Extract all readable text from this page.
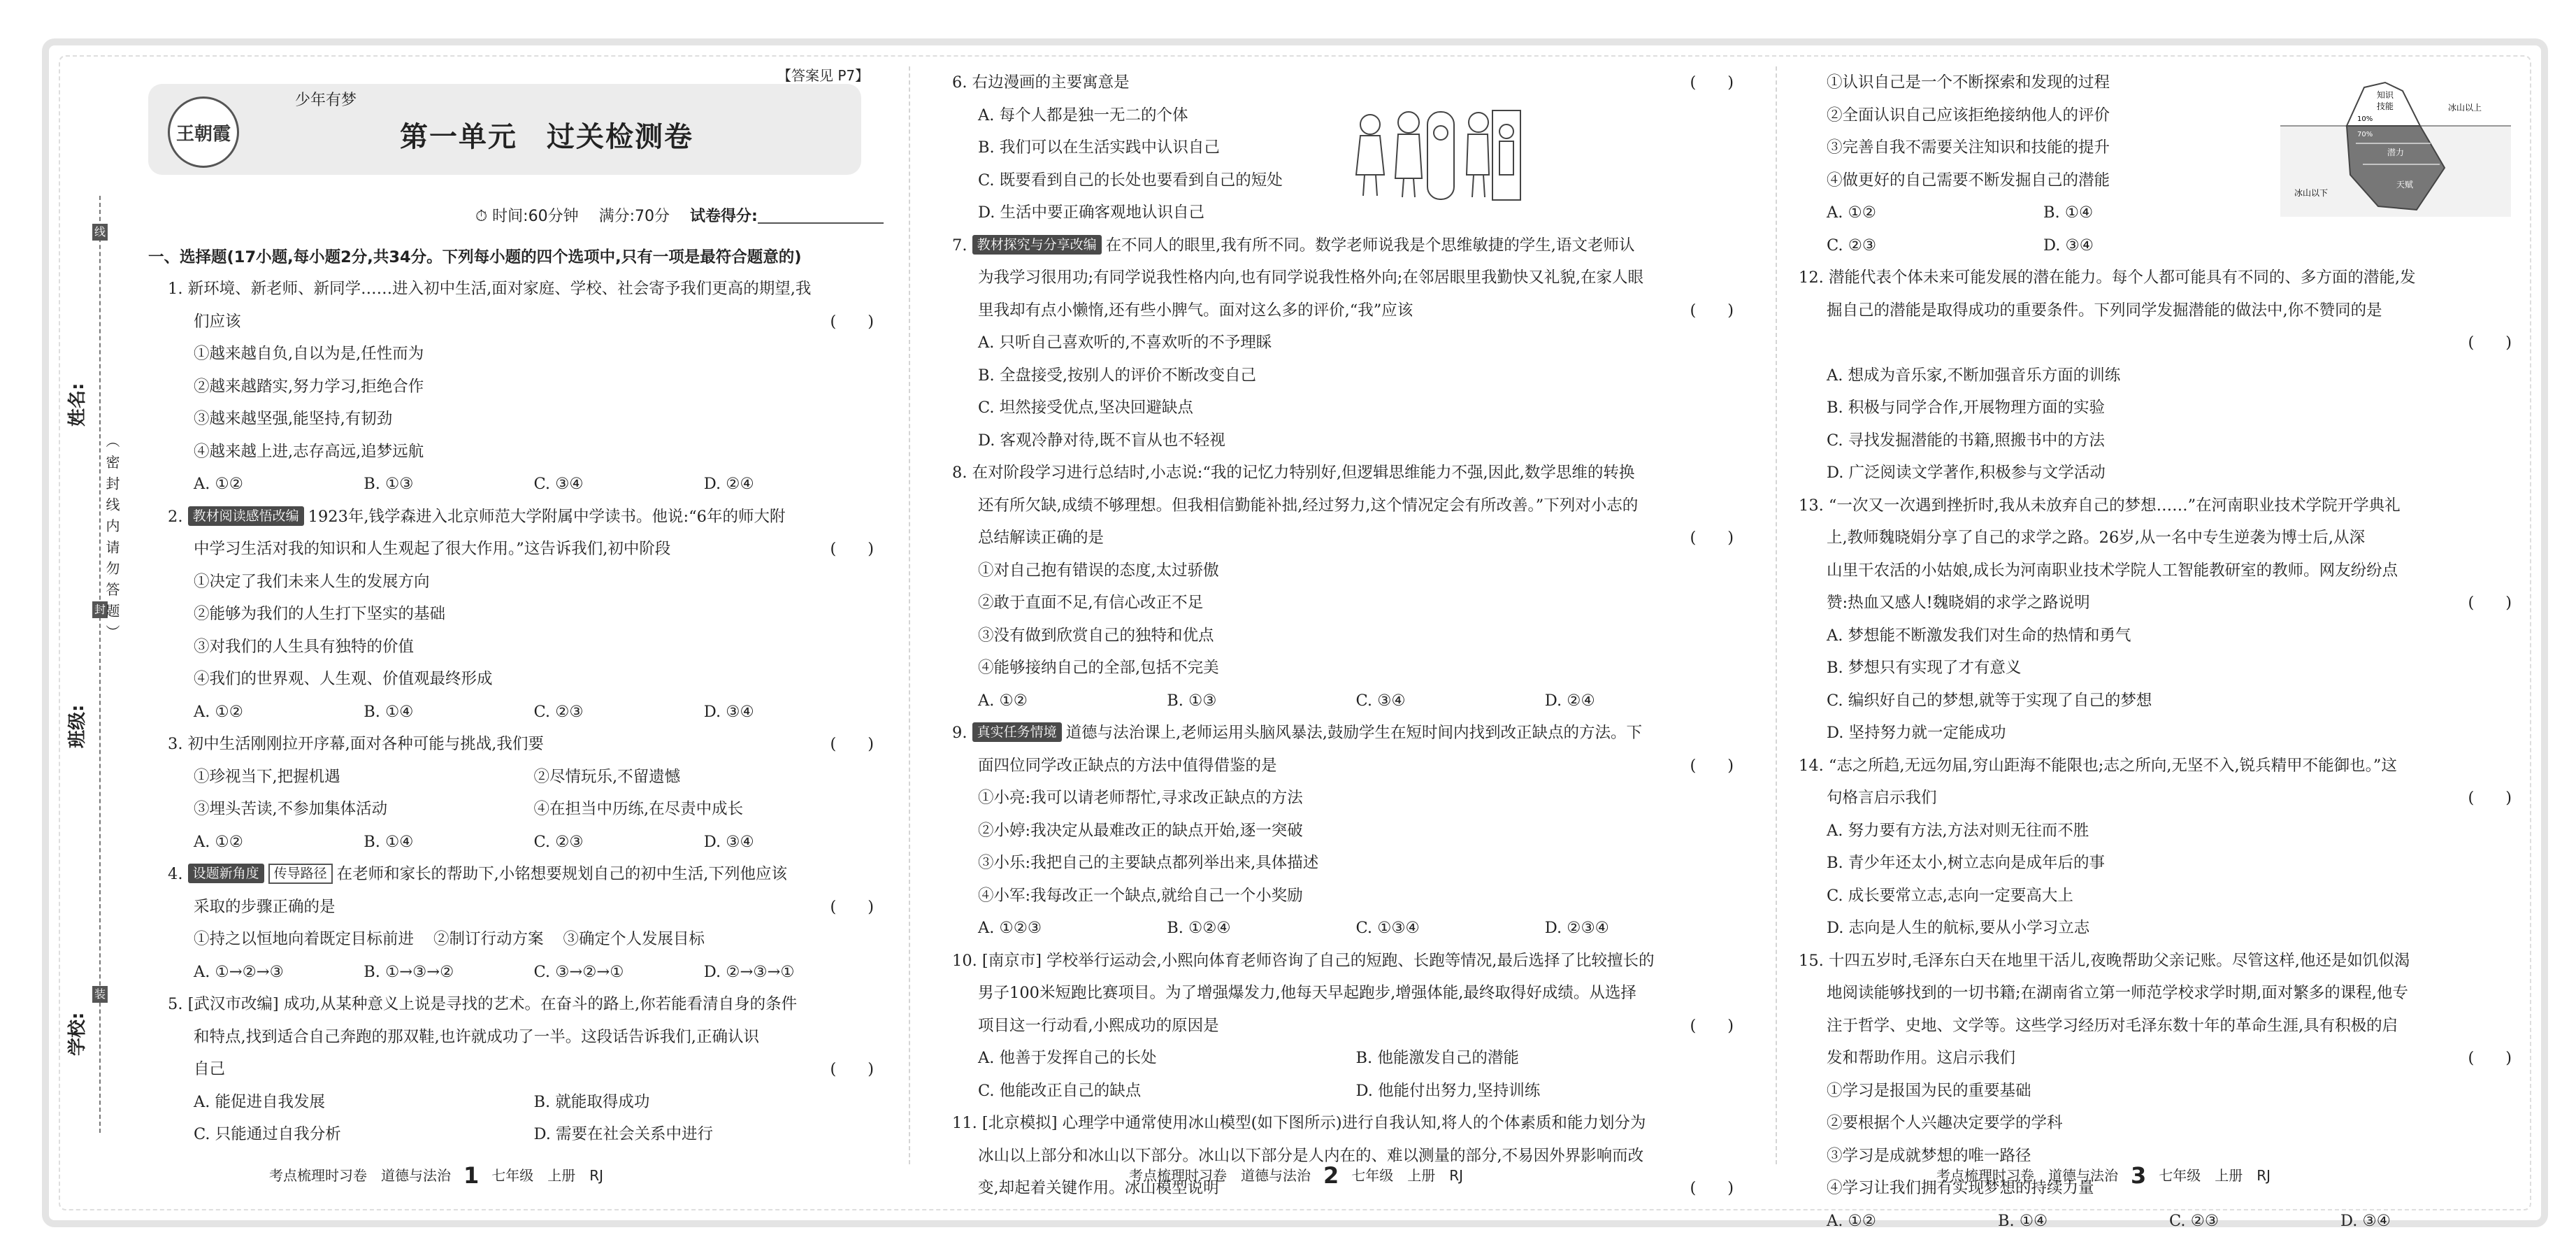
线
封
装
姓名:
班级:
学校:
（ 密 封 线 内 请 勿 答 题 ）
王朝霞
少年有梦
第一单元　过关检测卷
【答案见 P7】
⏱ 时间:60分钟　 满分:70分　 试卷得分:
一、选择题(17小题,每小题2分,共34分。下列每小题的四个选项中,只有一项是最符合题意的)

1. 新环境、新老师、新同学……进入初中生活,面对家庭、学校、社会寄予我们更高的期望,我

们应该	(　　)

①越来越自负,自以为是,任性而为

②越来越踏实,努力学习,拒绝合作

③越来越坚强,能坚持,有韧劲

④越来越上进,志存高远,追梦远航

A. ①②	B. ①③	C. ③④	D. ②④

2. 教材阅读感悟改编 1923年,钱学森进入北京师范大学附属中学读书。他说:“6年的师大附

中学习生活对我的知识和人生观起了很大作用。”这告诉我们,初中阶段	(　　)

①决定了我们未来人生的发展方向

②能够为我们的人生打下坚实的基础

③对我们的人生具有独特的价值

④我们的世界观、人生观、价值观最终形成

A. ①②	B. ①④	C. ②③	D. ③④

3. 初中生活刚刚拉开序幕,面对各种可能与挑战,我们要	(　　)

①珍视当下,把握机遇	②尽情玩乐,不留遗憾

③埋头苦读,不参加集体活动	④在担当中历练,在尽责中成长

A. ①②	B. ①④	C. ②③	D. ③④

4. 设题新角度 传导路径 在老师和家长的帮助下,小铭想要规划自己的初中生活,下列他应该

采取的步骤正确的是	(　　)

①持之以恒地向着既定目标前进 ②制订行动方案 ③确定个人发展目标

A. ①→②→③	B. ①→③→②	C. ③→②→①	D. ②→③→①

5. [武汉市改编] 成功,从某种意义上说是寻找的艺术。在奋斗的路上,你若能看清自身的条件

和特点,找到适合自己奔跑的那双鞋,也许就成功了一半。这段话告诉我们,正确认识

自己	(　　)

A. 能促进自我发展	B. 就能取得成功

C. 只能通过自我分析	D. 需要在社会关系中进行

6. 右边漫画的主要寓意是	(　　)

A. 每个人都是独一无二的个体

B. 我们可以在生活实践中认识自己

C. 既要看到自己的长处也要看到自己的短处

D. 生活中要正确客观地认识自己

7. 教材探究与分享改编 在不同人的眼里,我有所不同。数学老师说我是个思维敏捷的学生,语文老师认

为我学习很用功;有同学说我性格内向,也有同学说我性格外向;在邻居眼里我勤快又礼貌,在家人眼

里我却有点小懒惰,还有些小脾气。面对这么多的评价,“我”应该	(　　)

A. 只听自己喜欢听的,不喜欢听的不予理睬

B. 全盘接受,按别人的评价不断改变自己

C. 坦然接受优点,坚决回避缺点

D. 客观冷静对待,既不盲从也不轻视

8. 在对阶段学习进行总结时,小志说:“我的记忆力特别好,但逻辑思维能力不强,因此,数学思维的转换

还有所欠缺,成绩不够理想。但我相信勤能补拙,经过努力,这个情况定会有所改善。”下列对小志的

总结解读正确的是	(　　)

①对自己抱有错误的态度,太过骄傲

②敢于直面不足,有信心改正不足

③没有做到欣赏自己的独特和优点

④能够接纳自己的全部,包括不完美

A. ①②	B. ①③	C. ③④	D. ②④

9. 真实任务情境 道德与法治课上,老师运用头脑风暴法,鼓励学生在短时间内找到改正缺点的方法。下

面四位同学改正缺点的方法中值得借鉴的是	(　　)

①小亮:我可以请老师帮忙,寻求改正缺点的方法

②小婷:我决定从最难改正的缺点开始,逐一突破

③小乐:我把自己的主要缺点都列举出来,具体描述

④小军:我每改正一个缺点,就给自己一个小奖励

A. ①②③	B. ①②④	C. ①③④	D. ②③④

10. [南京市] 学校举行运动会,小熙向体育老师咨询了自己的短跑、长跑等情况,最后选择了比较擅长的

男子100米短跑比赛项目。为了增强爆发力,他每天早起跑步,增强体能,最终取得好成绩。从选择

项目这一行动看,小熙成功的原因是	(　　)

A. 他善于发挥自己的长处	B. 他能激发自己的潜能

C. 他能改正自己的缺点	D. 他能付出努力,坚持训练

11. [北京模拟] 心理学中通常使用冰山模型(如下图所示)进行自我认知,将人的个体素质和能力划分为

冰山以上部分和冰山以下部分。冰山以下部分是人内在的、难以测量的部分,不易因外界影响而改

变,却起着关键作用。冰山模型说明	(　　)

①认识自己是一个不断探索和发现的过程

②全面认识自己应该拒绝接纳他人的评价

③完善自我不需要关注知识和技能的提升

④做更好的自己需要不断发掘自己的潜能

A. ①②	B. ①④

C. ②③	D. ③④

12. 潜能代表个体未来可能发展的潜在能力。每个人都可能具有不同的、多方面的潜能,发

掘自己的潜能是取得成功的重要条件。下列同学发掘潜能的做法中,你不赞同的是

(　　)

A. 想成为音乐家,不断加强音乐方面的训练

B. 积极与同学合作,开展物理方面的实验

C. 寻找发掘潜能的书籍,照搬书中的方法

D. 广泛阅读文学著作,积极参与文学活动

13. “一次又一次遇到挫折时,我从未放弃自己的梦想……”在河南职业技术学院开学典礼

上,教师魏晓娟分享了自己的求学之路。26岁,从一名中专生逆袭为博士后,从深

山里干农活的小姑娘,成长为河南职业技术学院人工智能教研室的教师。网友纷纷点

赞:热血又感人!魏晓娟的求学之路说明	(　　)

A. 梦想能不断激发我们对生命的热情和勇气

B. 梦想只有实现了才有意义

C. 编织好自己的梦想,就等于实现了自己的梦想

D. 坚持努力就一定能成功

14. “志之所趋,无远勿届,穷山距海不能限也;志之所向,无坚不入,锐兵精甲不能御也。”这

句格言启示我们	(　　)

A. 努力要有方法,方法对则无往而不胜

B. 青少年还太小,树立志向是成年后的事

C. 成长要常立志,志向一定要高大上

D. 志向是人生的航标,要从小学习立志

15. 十四五岁时,毛泽东白天在地里干活儿,夜晚帮助父亲记账。尽管这样,他还是如饥似渴

地阅读能够找到的一切书籍;在湖南省立第一师范学校求学时期,面对繁多的课程,他专

注于哲学、史地、文学等。这些学习经历对毛泽东数十年的革命生涯,具有积极的启

发和帮助作用。这启示我们	(　　)

①学习是报国为民的重要基础

②要根据个人兴趣决定要学的学科

③学习是成就梦想的唯一路径

④学习让我们拥有实现梦想的持续力量

A. ①②	B. ①④	C. ②③	D. ③④

知识
技能
10%
70%
潜力
天赋
冰山以上
冰山以下
考点梳理时习卷　道德与法治 1 七年级　上册　RJ	考点梳理时习卷　道德与法治 2 七年级　上册　RJ	考点梳理时习卷　道德与法治 3 七年级　上册　RJ
